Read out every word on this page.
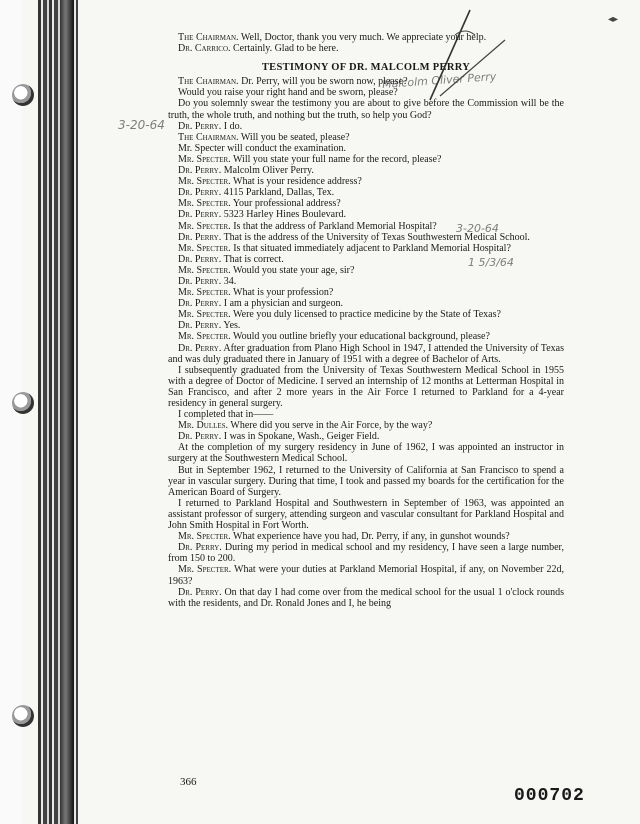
◂▸
3-20-64
Malcolm Oliver Perry
3-20-64
1 5/3/64

The Chairman. Well, Doctor, thank you very much. We appreciate your help.

Dr. Carrico. Certainly. Glad to be here.

TESTIMONY OF DR. MALCOLM PERRY

The Chairman. Dr. Perry, will you be sworn now, please?

Would you raise your right hand and be sworn, please?

Do you solemnly swear the testimony you are about to give before the Commission will be the truth, the whole truth, and nothing but the truth, so help you God?

Dr. Perry. I do.

The Chairman. Will you be seated, please?

Mr. Specter will conduct the examination.

Mr. Specter. Will you state your full name for the record, please?

Dr. Perry. Malcolm Oliver Perry.

Mr. Specter. What is your residence address?

Dr. Perry. 4115 Parkland, Dallas, Tex.

Mr. Specter. Your professional address?

Dr. Perry. 5323 Harley Hines Boulevard.

Mr. Specter. Is that the address of Parkland Memorial Hospital?

Dr. Perry. That is the address of the University of Texas Southwestern Medical School.

Mr. Specter. Is that situated immediately adjacent to Parkland Memorial Hospital?

Dr. Perry. That is correct.

Mr. Specter. Would you state your age, sir?

Dr. Perry. 34.

Mr. Specter. What is your profession?

Dr. Perry. I am a physician and surgeon.

Mr. Specter. Were you duly licensed to practice medicine by the State of Texas?

Dr. Perry. Yes.

Mr. Specter. Would you outline briefly your educational background, please?

Dr. Perry. After graduation from Plano High School in 1947, I attended the University of Texas and was duly graduated there in January of 1951 with a degree of Bachelor of Arts.

I subsequently graduated from the University of Texas Southwestern Medical School in 1955 with a degree of Doctor of Medicine. I served an internship of 12 months at Letterman Hospital in San Francisco, and after 2 more years in the Air Force I returned to Parkland for a 4-year residency in general surgery.

I completed that in——

Mr. Dulles. Where did you serve in the Air Force, by the way?

Dr. Perry. I was in Spokane, Wash., Geiger Field.

At the completion of my surgery residency in June of 1962, I was appointed an instructor in surgery at the Southwestern Medical School.

But in September 1962, I returned to the University of California at San Francisco to spend a year in vascular surgery. During that time, I took and passed my boards for the certification for the American Board of Surgery.

I returned to Parkland Hospital and Southwestern in September of 1963, was appointed an assistant professor of surgery, attending surgeon and vascular consultant for Parkland Hospital and John Smith Hospital in Fort Worth.

Mr. Specter. What experience have you had, Dr. Perry, if any, in gunshot wounds?

Dr. Perry. During my period in medical school and my residency, I have seen a large number, from 150 to 200.

Mr. Specter. What were your duties at Parkland Memorial Hospital, if any, on November 22d, 1963?

Dr. Perry. On that day I had come over from the medical school for the usual 1 o'clock rounds with the residents, and Dr. Ronald Jones and I, he being

366
000702
